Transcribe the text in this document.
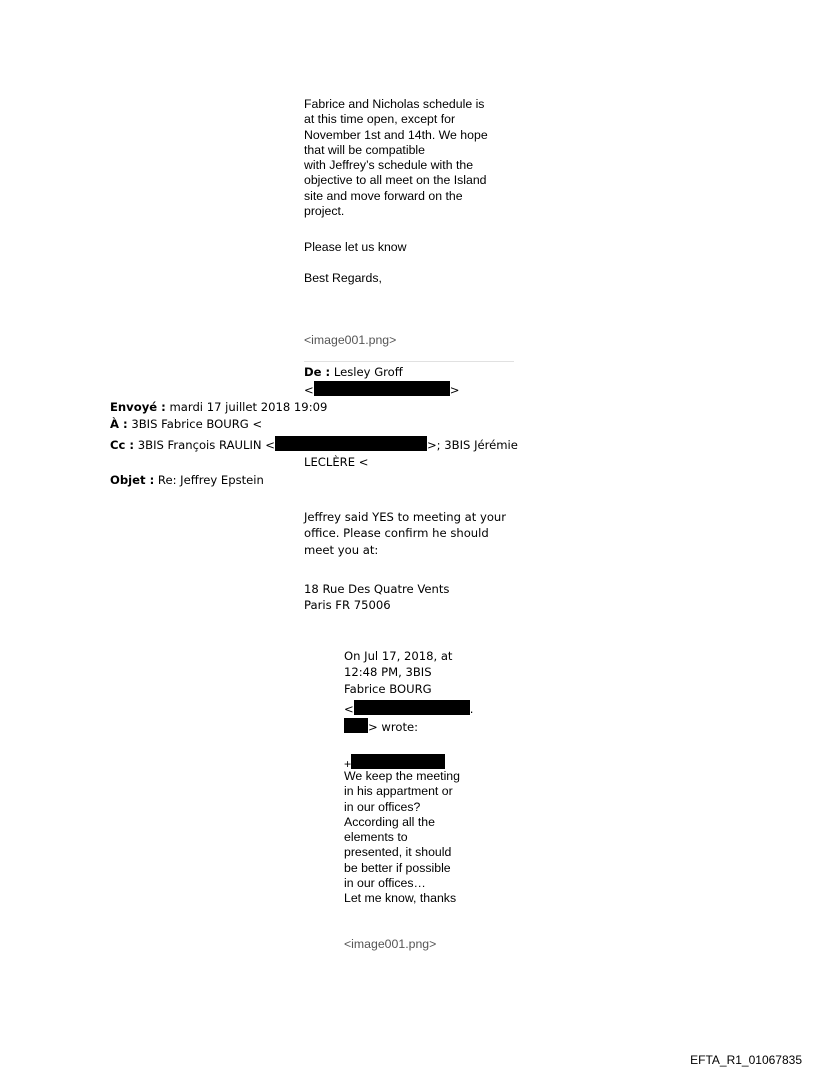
Fabrice and Nicholas schedule is
at this time open, except for
November 1st and 14th. We hope
that will be compatible
with Jeffrey’s schedule with the
objective to all meet on the Island
site and move forward on the
project.
Please let us know
Best Regards,
<image001.png>
De : Lesley Groff
<	>
Envoyé : mardi 17 juillet 2018 19:09
À : 3BIS Fabrice BOURG <
Cc : 3BIS François RAULIN <	>; 3BIS Jérémie
LECLÈRE <
Objet : Re: Jeffrey Epstein
Jeffrey said YES to meeting at your
office. Please confirm he should
meet you at:
18 Rue Des Quatre Vents
Paris FR 75006
On Jul 17, 2018, at
12:48 PM, 3BIS
Fabrice BOURG
<	.
> wrote:
+
We keep the meeting
in his appartment or
in our offices?
According all the
elements to
presented, it should
be better if possible
in our offices…
Let me know, thanks
<image001.png>
EFTA_R1_01067835
